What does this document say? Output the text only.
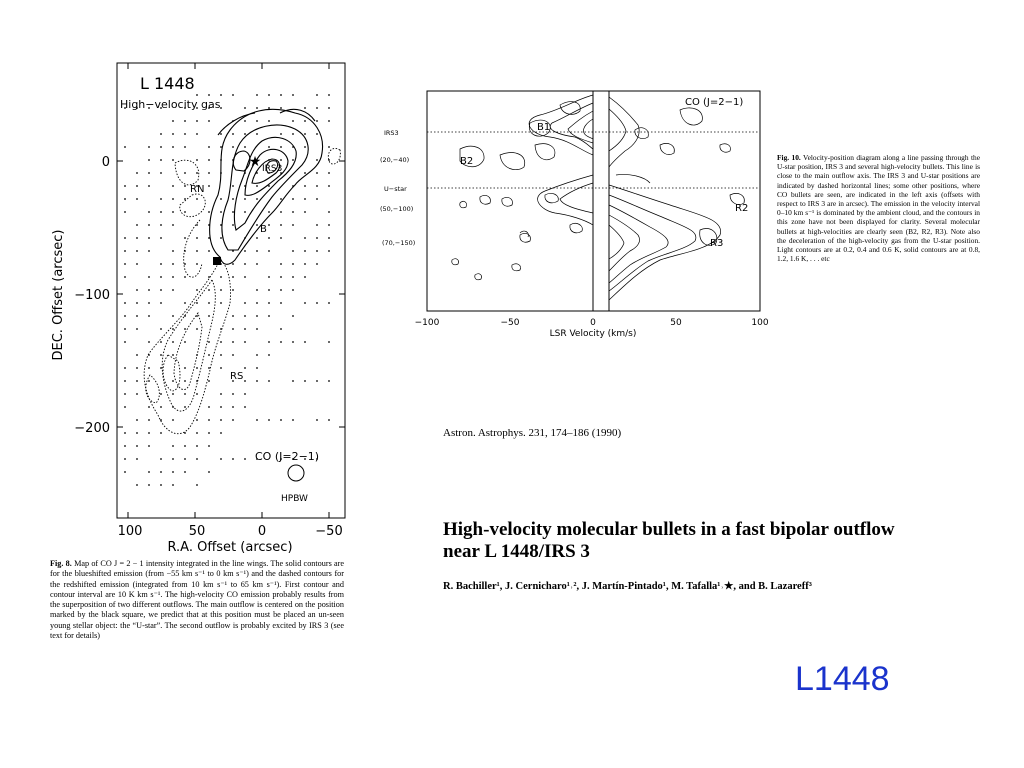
★
L 1448
High−velocity gas
IRS3
RN
B
RS
CO (J=2−1)
HPBW
0
−100
−200
100	50	0	−50
R.A. Offset (arcsec)
DEC. Offset (arcsec)
Fig. 8. Map of CO J = 2 − 1 intensity integrated in the line wings. The solid contours are for the blueshifted emission (from −55 km s⁻¹ to 0 km s⁻¹) and the dashed contours for the redshifted emission (integrated from 10 km s⁻¹ to 65 km s⁻¹). First contour and contour interval are 10 K km s⁻¹. The high-velocity CO emission probably results from the superposition of two different outflows. The main outflow is centered on the position marked by the black square, we predict that at this position must be placed an un-seen young stellar object: the “U-star”. The second outflow is probably excited by IRS 3 (see text for details)
IRS3
(20,−40)
U−star
(50,−100)
(70,−150)
B1
B2
R2
R3
CO (J=2−1)
−100	−50	0	50	100
LSR Velocity (km/s)
Fig. 10. Velocity-position diagram along a line passing through the U-star position, IRS 3 and several high-velocity bullets. This line is close to the main outflow axis. The IRS 3 and U-star positions are indicated by dashed horizontal lines; some other positions, where CO bullets are seen, are indicated in the left axis (offsets with respect to IRS 3 are in arcsec). The emission in the velocity interval 0–10 km s⁻¹ is dominated by the ambient cloud, and the contours in this zone have not been displayed for clarity. Several molecular bullets at high-velocities are clearly seen (B2, R2, R3). Note also the deceleration of the high-velocity gas from the U-star position. Light contours are at 0.2, 0.4 and 0.6 K, solid contours are at 0.8, 1.2, 1.6 K, . . . etc
Astron. Astrophys. 231, 174–186 (1990)
High-velocity molecular bullets in a fast bipolar outflow
near L 1448/IRS 3
R. Bachiller¹, J. Cernicharo¹˒², J. Martín-Pintado¹, M. Tafalla¹˒★, and B. Lazareff³
L1448
